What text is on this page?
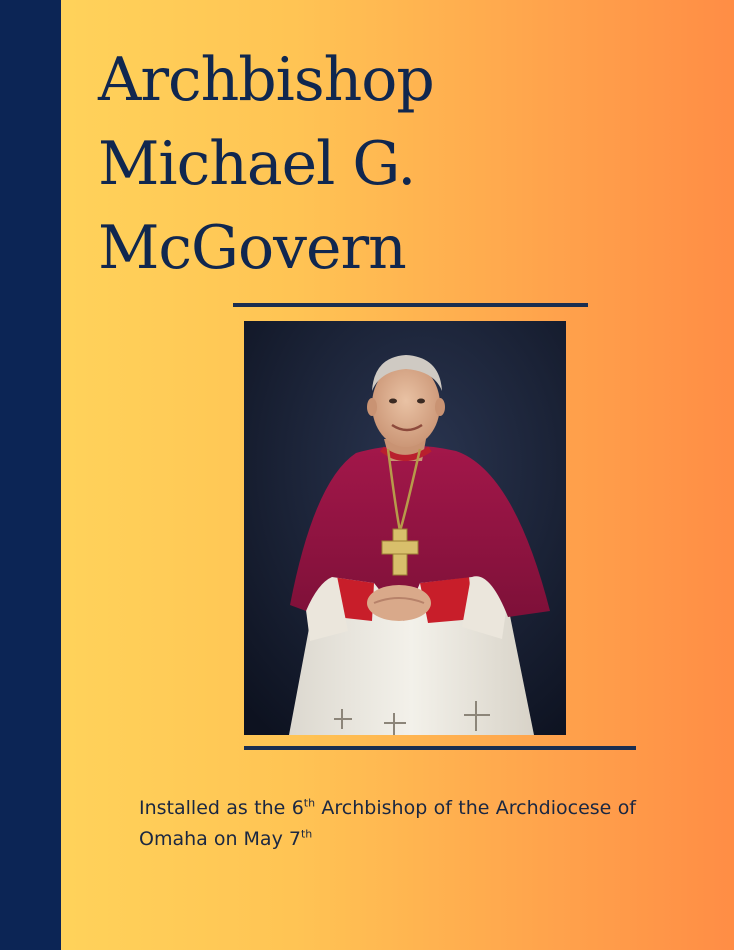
Archbishop
Michael G.
McGovern

Installed as the 6th Archbishop of the Archdiocese of Omaha on May 7th
